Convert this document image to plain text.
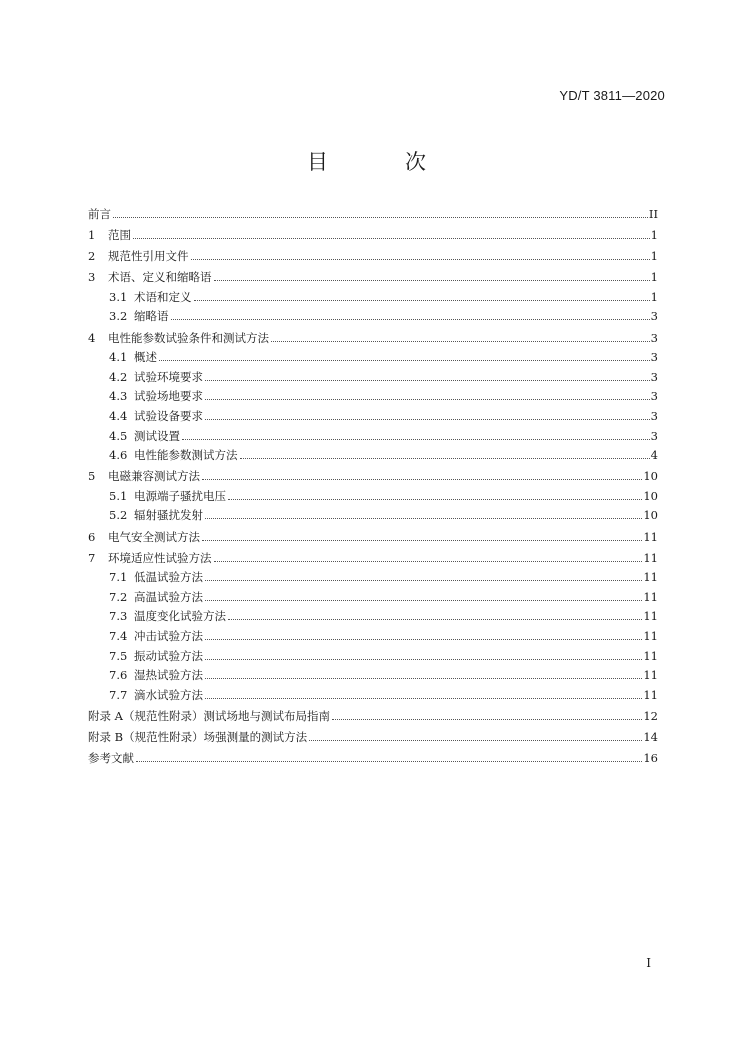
YD/T 3811—2020
目　次
前言	II
1	范围	1
2	规范性引用文件	1
3	术语、定义和缩略语	1
3.1 术语和定义	1
3.2 缩略语	3
4	电性能参数试验条件和测试方法	3
4.1 概述	3
4.2 试验环境要求	3
4.3 试验场地要求	3
4.4 试验设备要求	3
4.5 测试设置	3
4.6 电性能参数测试方法	4
5	电磁兼容测试方法	10
5.1 电源端子骚扰电压	10
5.2 辐射骚扰发射	10
6	电气安全测试方法	11
7	环境适应性试验方法	11
7.1 低温试验方法	11
7.2 高温试验方法	11
7.3 温度变化试验方法	11
7.4 冲击试验方法	11
7.5 振动试验方法	11
7.6 湿热试验方法	11
7.7 滴水试验方法	11
附录 A（规范性附录）测试场地与测试布局指南	12
附录 B（规范性附录）场强测量的测试方法	14
参考文献	16
I
